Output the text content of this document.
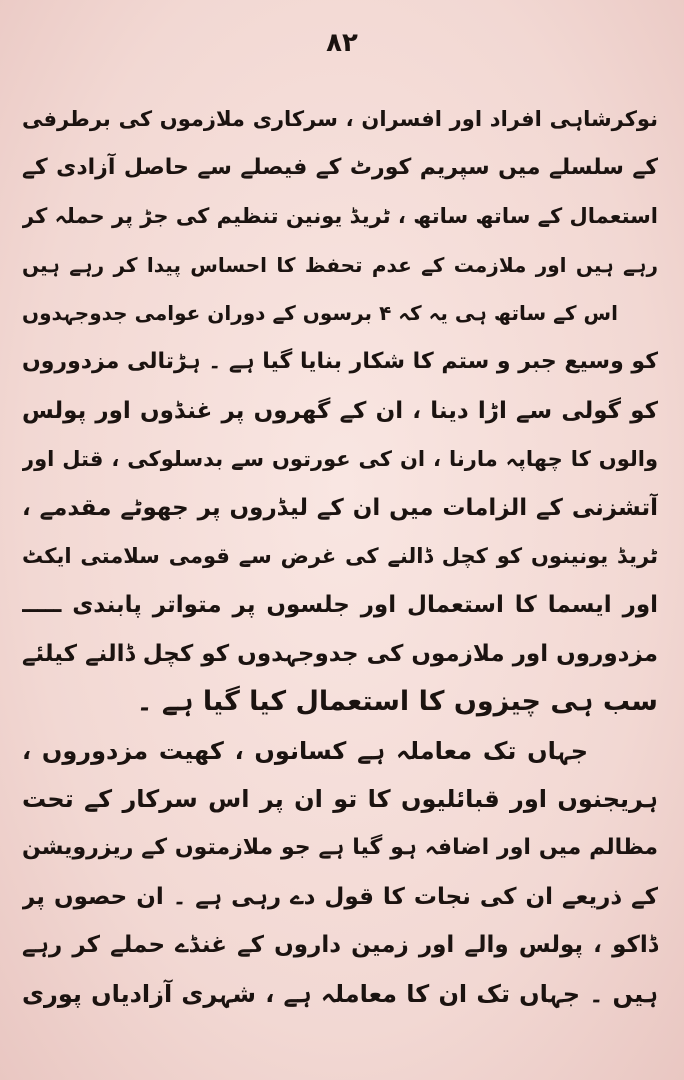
۸۲
نوکرشاہی افراد اور افسران ، سرکاری ملازموں کی برطرفی
کے سلسلے میں سپریم کورٹ کے فیصلے سے حاصل آزادی کے
استعمال کے ساتھ ساتھ ، ٹریڈ یونین تنظیم کی جڑ پر حملہ کر
رہے ہیں اور ملازمت کے عدم تحفظ کا احساس پیدا کر رہے ہیں
اس کے ساتھ ہی یہ کہ ۴ برسوں کے دوران عوامی جدوجہدوں
کو وسیع جبر و ستم کا شکار بنایا گیا ہے ۔ ہڑتالی مزدوروں
کو گولی سے اڑا دینا ، ان کے گھروں پر غنڈوں اور پولس
والوں کا چھاپہ مارنا ، ان کی عورتوں سے بدسلوکی ، قتل اور
آتشزنی کے الزامات میں ان کے لیڈروں پر جھوٹے مقدمے ،
ٹریڈ یونینوں کو کچل ڈالنے کی غرض سے قومی سلامتی ایکٹ
اور ایسما کا استعمال اور جلسوں پر متواتر پابندی ـــــ
مزدوروں اور ملازموں کی جدوجہدوں کو کچل ڈالنے کیلئے
سب ہی چیزوں کا استعمال کیا گیا ہے ۔
جہاں تک معاملہ ہے کسانوں ، کھیت مزدوروں ،
ہریجنوں اور قبائلیوں کا تو ان پر اس سرکار کے تحت
مظالم میں اور اضافہ ہو گیا ہے جو ملازمتوں کے ریزرویشن
کے ذریعے ان کی نجات کا قول دے رہی ہے ۔ ان حصوں پر
ڈاکو ، پولس والے اور زمین داروں کے غنڈے حملے کر رہے
ہیں ۔ جہاں تک ان کا معاملہ ہے ، شہری آزادیاں پوری
